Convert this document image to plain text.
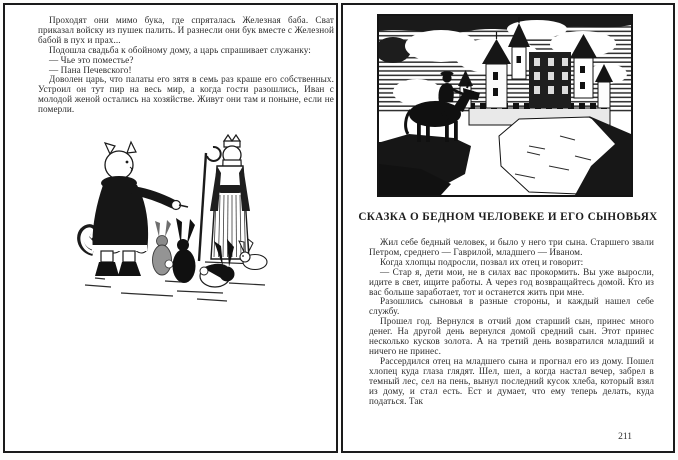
Проходят они мимо бука, где спряталась Железная баба. Сват приказал войску из пушек палить. И разнесли они бук вместе с Железной бабой в пух и прах...

Подошла свадьба к обойному дому, а царь спрашивает служанку:

— Чье это поместье?

— Пана Печевского!

Доволен царь, что палаты его зятя в семь раз краше его собственных. Устроил он тут пир на весь мир, а когда гости разошлись, Иван с молодой женой остались на хозяйстве. Живут они там и поныне, если не померли.

СКАЗКА О БЕДНОМ ЧЕЛОВЕКЕ И ЕГО СЫНОВЬЯХ

Жил себе бедный человек, и было у него три сына. Старшего звали Петром, среднего — Гаврилой, младшего — Иваном.

Когда хлопцы подросли, позвал их отец и говорит:

— Стар я, дети мои, не в силах вас прокормить. Вы уже выросли, идите в свет, ищите работы. А через год возвращайтесь домой. Кто из вас больше заработает, тот и останется жить при мне.

Разошлись сыновья в разные стороны, и каждый нашел себе службу.

Прошел год. Вернулся в отчий дом старший сын, принес много денег. На другой день вернулся домой средний сын. Этот принес несколько кусков золота. А на третий день возвратился младший и ничего не принес.

Рассердился отец на младшего сына и прогнал его из дому. Пошел хлопец куда глаза глядят. Шел, шел, а когда настал вечер, забрел в темный лес, сел на пень, вынул последний кусок хлеба, который взял из дому, и стал есть. Ест и думает, что ему теперь делать, куда податься. Так

211
